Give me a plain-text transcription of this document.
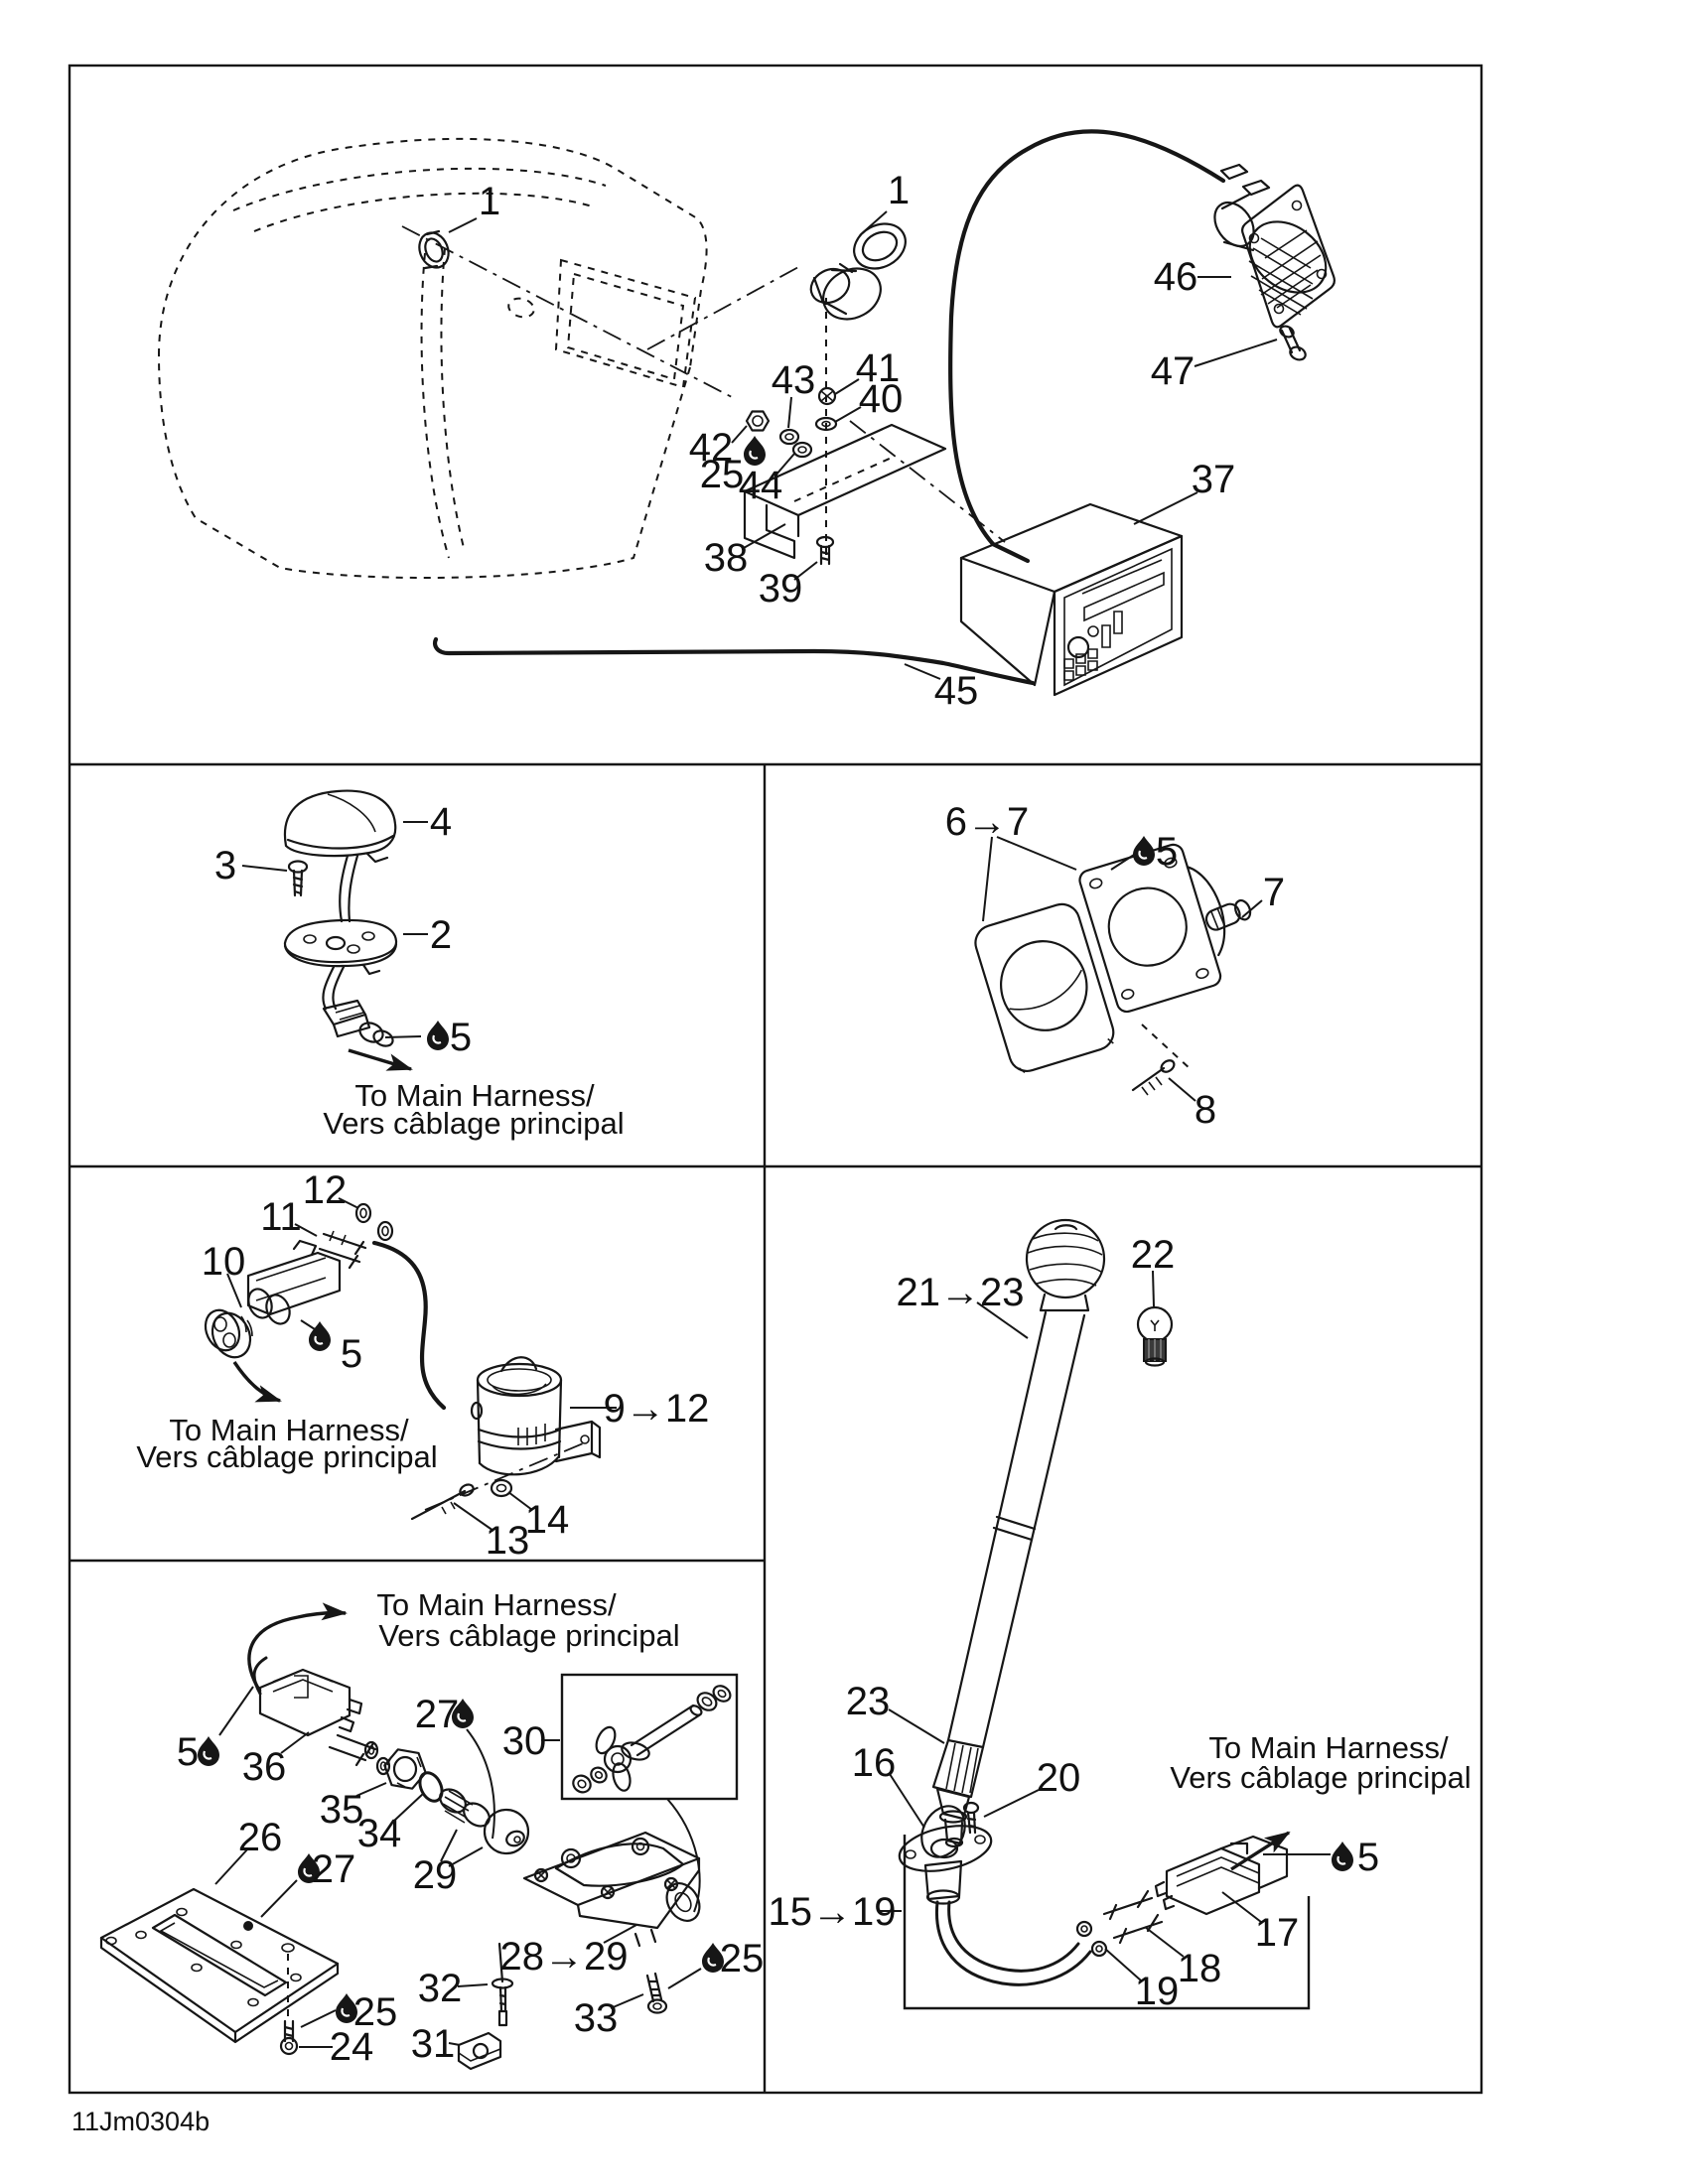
1	1
43 41
40
42
25
44
38
39
37
45
46
47
4
3
2
5
6→7
5
7
8
12
11
10
5
9→12
14
13
5 36
35
34
27
30
26
27 29
28→29
32
31
33
25
25
24
21→23
22
23
16	20
5
15→19	17
18
19
To Main Harness/
Vers câblage principal
To Main Harness/
Vers câblage principal
To Main Harness/
Vers câblage principal
To Main Harness/
Vers câblage principal
11Jm0304b
